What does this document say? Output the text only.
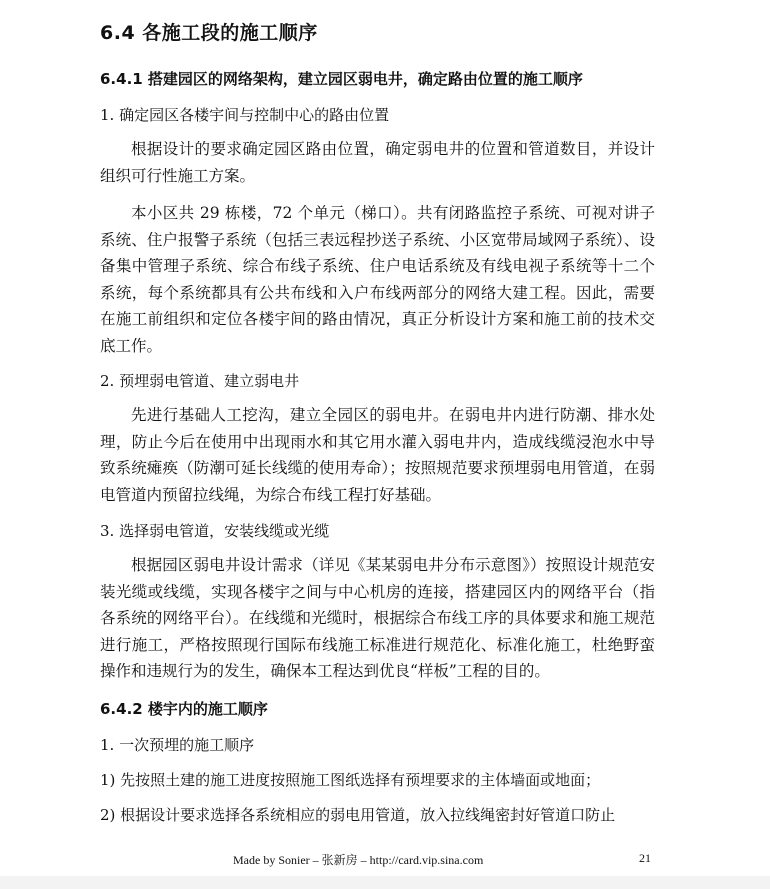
6.4 各施工段的施工顺序
6.4.1 搭建园区的网络架构，建立园区弱电井，确定路由位置的施工顺序
1. 确定园区各楼宇间与控制中心的路由位置
根据设计的要求确定园区路由位置，确定弱电井的位置和管道数目，并设计组织可行性施工方案。
本小区共 29 栋楼，72 个单元（梯口）。共有闭路监控子系统、可视对讲子系统、住户报警子系统（包括三表远程抄送子系统、小区宽带局域网子系统）、设备集中管理子系统、综合布线子系统、住户电话系统及有线电视子系统等十二个系统，每个系统都具有公共布线和入户布线两部分的网络大建工程。因此，需要在施工前组织和定位各楼宇间的路由情况，真正分析设计方案和施工前的技术交底工作。
2. 预埋弱电管道、建立弱电井
先进行基础人工挖沟，建立全园区的弱电井。在弱电井内进行防潮、排水处理，防止今后在使用中出现雨水和其它用水灌入弱电井内，造成线缆浸泡水中导致系统瘫痪（防潮可延长线缆的使用寿命）；按照规范要求预埋弱电用管道，在弱电管道内预留拉线绳，为综合布线工程打好基础。
3. 选择弱电管道，安装线缆或光缆
根据园区弱电井设计需求（详见《某某弱电井分布示意图》）按照设计规范安装光缆或线缆，实现各楼宇之间与中心机房的连接，搭建园区内的网络平台（指各系统的网络平台）。在线缆和光缆时，根据综合布线工序的具体要求和施工规范进行施工，严格按照现行国际布线施工标准进行规范化、标准化施工，杜绝野蛮操作和违规行为的发生，确保本工程达到优良“样板”工程的目的。
6.4.2 楼宇内的施工顺序
1. 一次预埋的施工顺序
1) 先按照土建的施工进度按照施工图纸选择有预埋要求的主体墙面或地面；
2) 根据设计要求选择各系统相应的弱电用管道，放入拉线绳密封好管道口防止
Made by Sonier – 张新房 – http://card.vip.sina.com	21
